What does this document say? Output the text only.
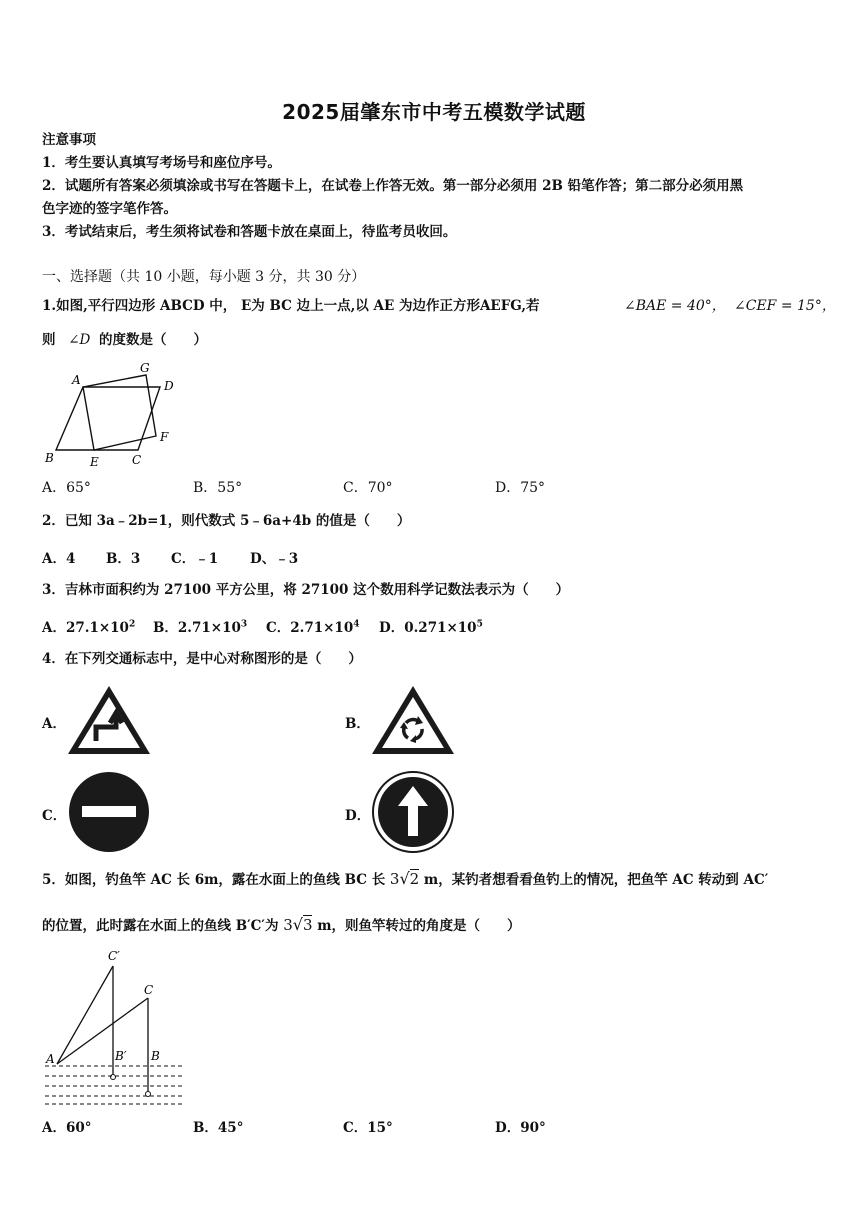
2025届肇东市中考五模数学试题
注意事项
1．考生要认真填写考场号和座位序号。
2．试题所有答案必须填涂或书写在答题卡上，在试卷上作答无效。第一部分必须用 2B 铅笔作答；第二部分必须用黑
色字迹的签字笔作答。
3．考试结束后，考生须将试卷和答题卡放在桌面上，待监考员收回。
一、选择题（共 10 小题，每小题 3 分，共 30 分）
1.如图,平行四边形 ABCD 中， E为 BC 边上一点,以 AE 为边作正方形AEFG,若	∠BAE = 40°， ∠CEF = 15°，
则 ∠D 的度数是（　　）
A
G
D
F
B	E	C
A．65°	B．55°	C．70°	D．75°
2．已知 3a﹣2b=1，则代数式 5﹣6a+4b 的值是（　　）
A．4 B．3 C．﹣1 D、﹣3
3．吉林市面积约为 27100 平方公里，将 27100 这个数用科学记数法表示为（　　）
A．$27.1\times 10^2$ B．$2.71\times 10^3$ C．$2.71\times 10^4$ D．$0.271\times 10^5$
4．在下列交通标志中，是中心对称图形的是（　　）
A．	B．
C．	D．
5．如图，钓鱼竿 AC 长 6m，露在水面上的鱼线 BC 长 3√2 m，某钓者想看看鱼钓上的情况，把鱼竿 AC 转动到 AC′
的位置，此时露在水面上的鱼线 B′C′为 3√3 m，则鱼竿转过的角度是（　　）
C′
C
A	B′ B
A．60°	B．45°	C．15°	D．90°
